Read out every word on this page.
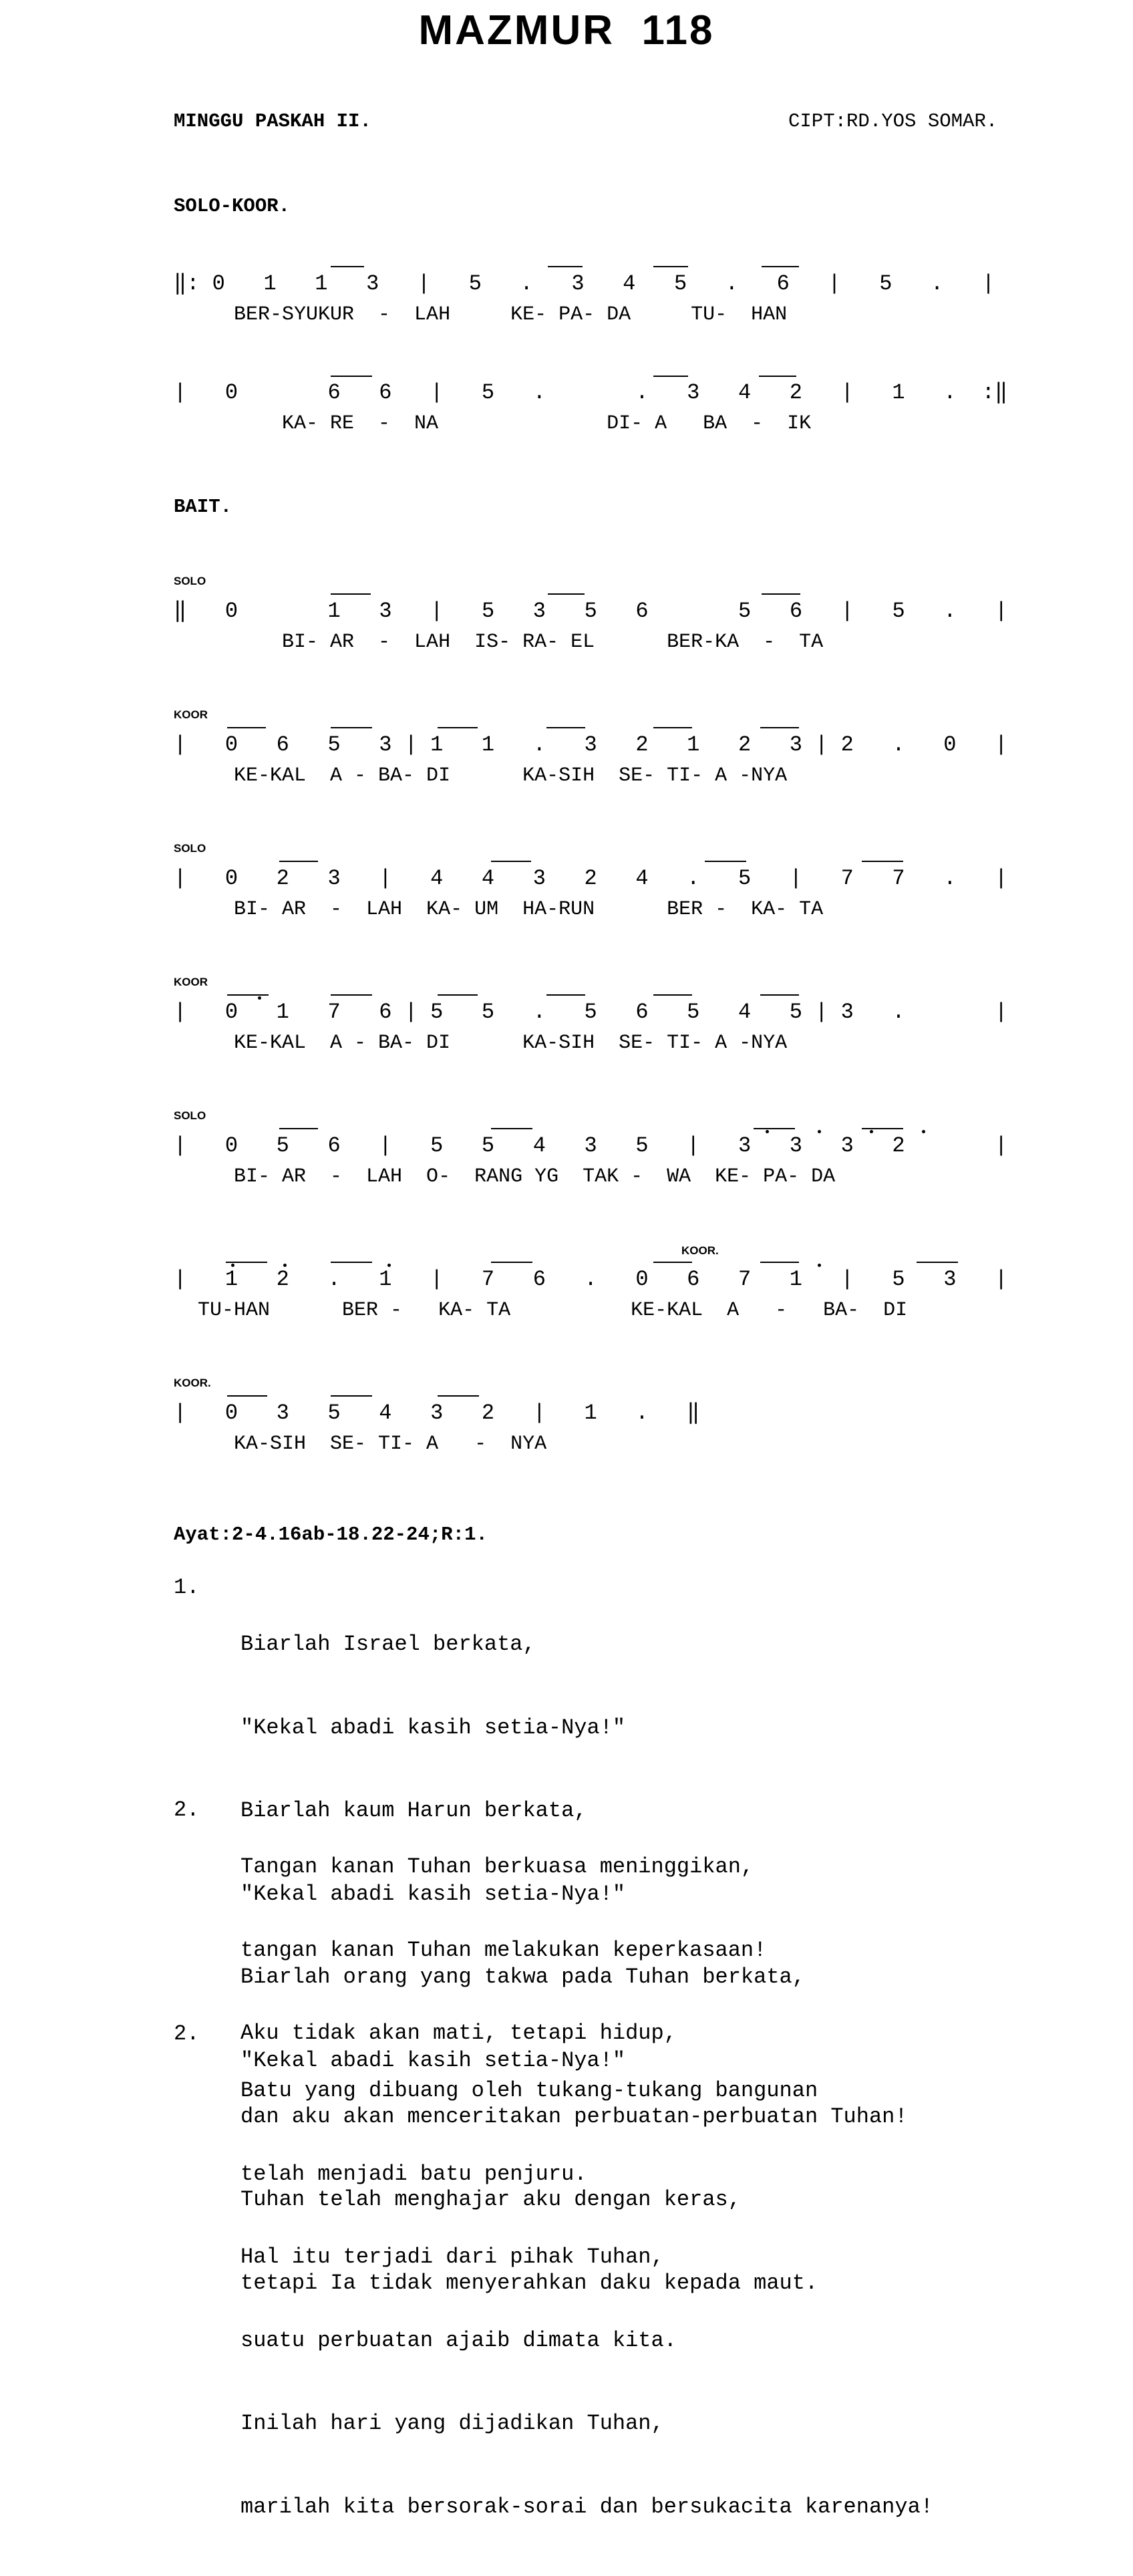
MAZMUR  118
MINGGU PASKAH II.	CIPT:RD.YOS SOMAR.
SOLO-KOOR.
‖: 0   1   1   3   |   5   .   3   4   5   .   6   |   5   .   |
BER-SYUKUR  -  LAH     KE- PA- DA     TU-  HAN
|   0       6   6   |   5   .       .   3   4   2   |   1   .  :‖
KA- RE  -  NA              DI- A   BA  -  IK
BAIT.
SOLO
‖   0       1   3   |   5   3   5   6       5   6   |   5   .   |
BI- AR  -  LAH  IS- RA- EL      BER-KA  -  TA
KOOR
|   0   6   5   3 | 1   1   .   3   2   1   2   3 | 2   .   0   |
KE-KAL  A - BA- DI      KA-SIH  SE- TI- A -NYA
SOLO
|   0   2   3   |   4   4   3   2   4   .   5   |   7   7   .   |
BI- AR  -  LAH  KA- UM  HA-RUN      BER -  KA- TA
KOOR
|   0   1   7   6 | 5   5   .   5   6   5   4   5 | 3   .       |
KE-KAL  A - BA- DI      KA-SIH  SE- TI- A -NYA
SOLO
|   0   5   6   |   5   5   4   3   5   |   3   3   3   2       |
BI- AR  -  LAH  O-  RANG YG  TAK -  WA  KE- PA- DA
KOOR.
|   1   2   .   1   |   7   6   .   0   6   7   1   |   5   3   |
TU-HAN      BER -   KA- TA          KE-KAL  A   -   BA-  DI
KOOR.
|   0   3   5   4   3   2   |   1   .   ‖
KA-SIH  SE- TI- A   -  NYA
Ayat:2-4.16ab-18.22-24;R:1.
1.

Biarlah Israel berkata,

"Kekal abadi kasih setia-Nya!"

Biarlah kaum Harun berkata,

"Kekal abadi kasih setia-Nya!"

Biarlah orang yang takwa pada Tuhan berkata,

"Kekal abadi kasih setia-Nya!"

2.

Tangan kanan Tuhan berkuasa meninggikan,

tangan kanan Tuhan melakukan keperkasaan!

Aku tidak akan mati, tetapi hidup,

dan aku akan menceritakan perbuatan-perbuatan Tuhan!

Tuhan telah menghajar aku dengan keras,

tetapi Ia tidak menyerahkan daku kepada maut.

2.

Batu yang dibuang oleh tukang-tukang bangunan

telah menjadi batu penjuru.

Hal itu terjadi dari pihak Tuhan,

suatu perbuatan ajaib dimata kita.

Inilah hari yang dijadikan Tuhan,

marilah kita bersorak-sorai dan bersukacita karenanya!
